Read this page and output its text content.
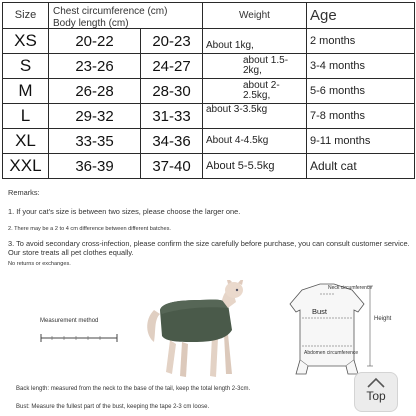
Size	Chest circumference (cm)
Body length (cm)		Weight	Age
XS	20-22	20-23	About 1kg,	2 months
S	23-26	24-27	about 1.5-2kg,	3-4 months
M	26-28	28-30	about 2-2.5kg,	5-6 months
L	29-32	31-33	about 3-3.5kg	7-8 months
XL	33-35	34-36	About 4-4.5kg	9-11 months
XXL	36-39	37-40	About 5-5.5kg	Adult cat

Remarks:

1. If your cat's size is between two sizes, please choose the larger one.

2. There may be a 2 to 4 cm difference between different batches.

3. To avoid secondary cross-infection, please confirm the size carefully before purchase, you can consult customer service. Our store treats all pet clothes equally.

No returns or exchanges.

Measurement method
Neck circumference
Bust
Abdomen circumference
Height
Back length: measured from the neck to the base of the tail, keep the total length 2-3cm.
Bust: Measure the fullest part of the bust, keeping the tape 2-3 cm loose.
Top
